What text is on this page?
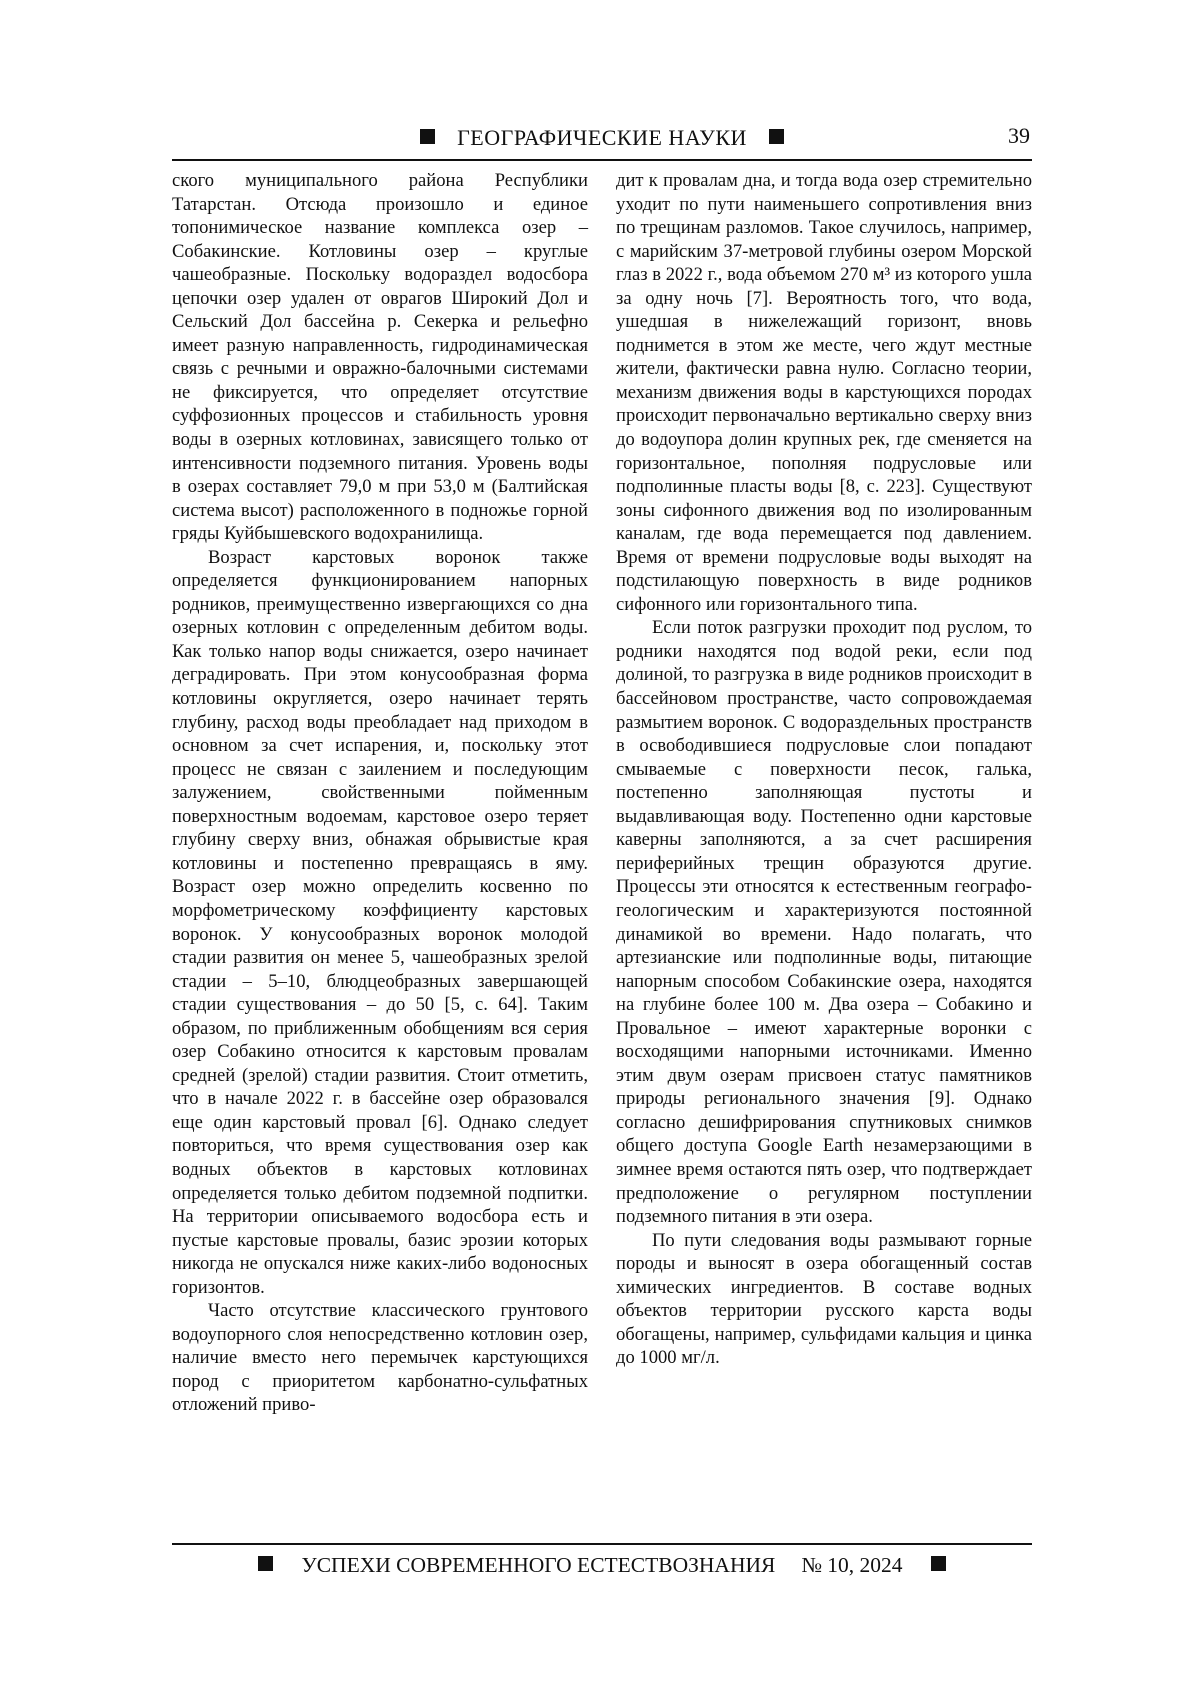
ГЕОГРАФИЧЕСКИЕ НАУКИ	39

ского муниципального района Республики Татарстан. Отсюда произошло и единое топонимическое название комплекса озер – Собакинские. Котловины озер – круглые чашеобразные. Поскольку водораздел водосбора цепочки озер удален от оврагов Широкий Дол и Сельский Дол бассейна р. Секерка и рельефно имеет разную направленность, гидродинамическая связь с речными и овражно-балочными системами не фиксируется, что определяет отсутствие суффозионных процессов и стабильность уровня воды в озерных котловинах, зависящего только от интенсивности подземного питания. Уровень воды в озерах составляет 79,0 м при 53,0 м (Балтийская система высот) расположенного в подножье горной гряды Куйбышевского водохранилища.

Возраст карстовых воронок также определяется функционированием напорных родников, преимущественно извергающихся со дна озерных котловин с определенным дебитом воды. Как только напор воды снижается, озеро начинает деградировать. При этом конусообразная форма котловины округляется, озеро начинает терять глубину, расход воды преобладает над приходом в основном за счет испарения, и, поскольку этот процесс не связан с заилением и последующим залужением, свойственными пойменным поверхностным водоемам, карстовое озеро теряет глубину сверху вниз, обнажая обрывистые края котловины и постепенно превращаясь в яму. Возраст озер можно определить косвенно по морфометрическому коэффициенту карстовых воронок. У конусообразных воронок молодой стадии развития он менее 5, чашеобразных зрелой стадии – 5–10, блюдцеобразных завершающей стадии существования – до 50 [5, с. 64]. Таким образом, по приближенным обобщениям вся серия озер Собакино относится к карстовым провалам средней (зрелой) стадии развития. Стоит отметить, что в начале 2022 г. в бассейне озер образовался еще один карстовый провал [6]. Однако следует повториться, что время существования озер как водных объектов в карстовых котловинах определяется только дебитом подземной подпитки. На территории описываемого водосбора есть и пустые карстовые провалы, базис эрозии которых никогда не опускался ниже каких-либо водоносных горизонтов.

Часто отсутствие классического грунтового водоупорного слоя непосредственно котловин озер, наличие вместо него перемычек карстующихся пород с приоритетом карбонатно-сульфатных отложений приво-

дит к провалам дна, и тогда вода озер стремительно уходит по пути наименьшего сопротивления вниз по трещинам разломов. Такое случилось, например, с марийским 37-метровой глубины озером Морской глаз в 2022 г., вода объемом 270 м³ из которого ушла за одну ночь [7]. Вероятность того, что вода, ушедшая в нижележащий горизонт, вновь поднимется в этом же месте, чего ждут местные жители, фактически равна нулю. Согласно теории, механизм движения воды в карстующихся породах происходит первоначально вертикально сверху вниз до водоупора долин крупных рек, где сменяется на горизонтальное, пополняя подрусловые или подполинные пласты воды [8, с. 223]. Существуют зоны сифонного движения вод по изолированным каналам, где вода перемещается под давлением. Время от времени подрусловые воды выходят на подстилающую поверхность в виде родников сифонного или горизонтального типа.

Если поток разгрузки проходит под руслом, то родники находятся под водой реки, если под долиной, то разгрузка в виде родников происходит в бассейновом пространстве, часто сопровождаемая размытием воронок. С водораздельных пространств в освободившиеся подрусловые слои попадают смываемые с поверхности песок, галька, постепенно заполняющая пустоты и выдавливающая воду. Постепенно одни карстовые каверны заполняются, а за счет расширения периферийных трещин образуются другие. Процессы эти относятся к естественным географо-геологическим и характеризуются постоянной динамикой во времени. Надо полагать, что артезианские или подполинные воды, питающие напорным способом Собакинские озера, находятся на глубине более 100 м. Два озера – Собакино и Провальное – имеют характерные воронки с восходящими напорными источниками. Именно этим двум озерам присвоен статус памятников природы регионального значения [9]. Однако согласно дешифрирования спутниковых снимков общего доступа Google Earth незамерзающими в зимнее время остаются пять озер, что подтверждает предположение о регулярном поступлении подземного питания в эти озера.

По пути следования воды размывают горные породы и выносят в озера обогащенный состав химических ингредиентов. В составе водных объектов территории русского карста воды обогащены, например, сульфидами кальция и цинка до 1000 мг/л.

УСПЕХИ СОВРЕМЕННОГО ЕСТЕСТВОЗНАНИЯ № 10, 2024
